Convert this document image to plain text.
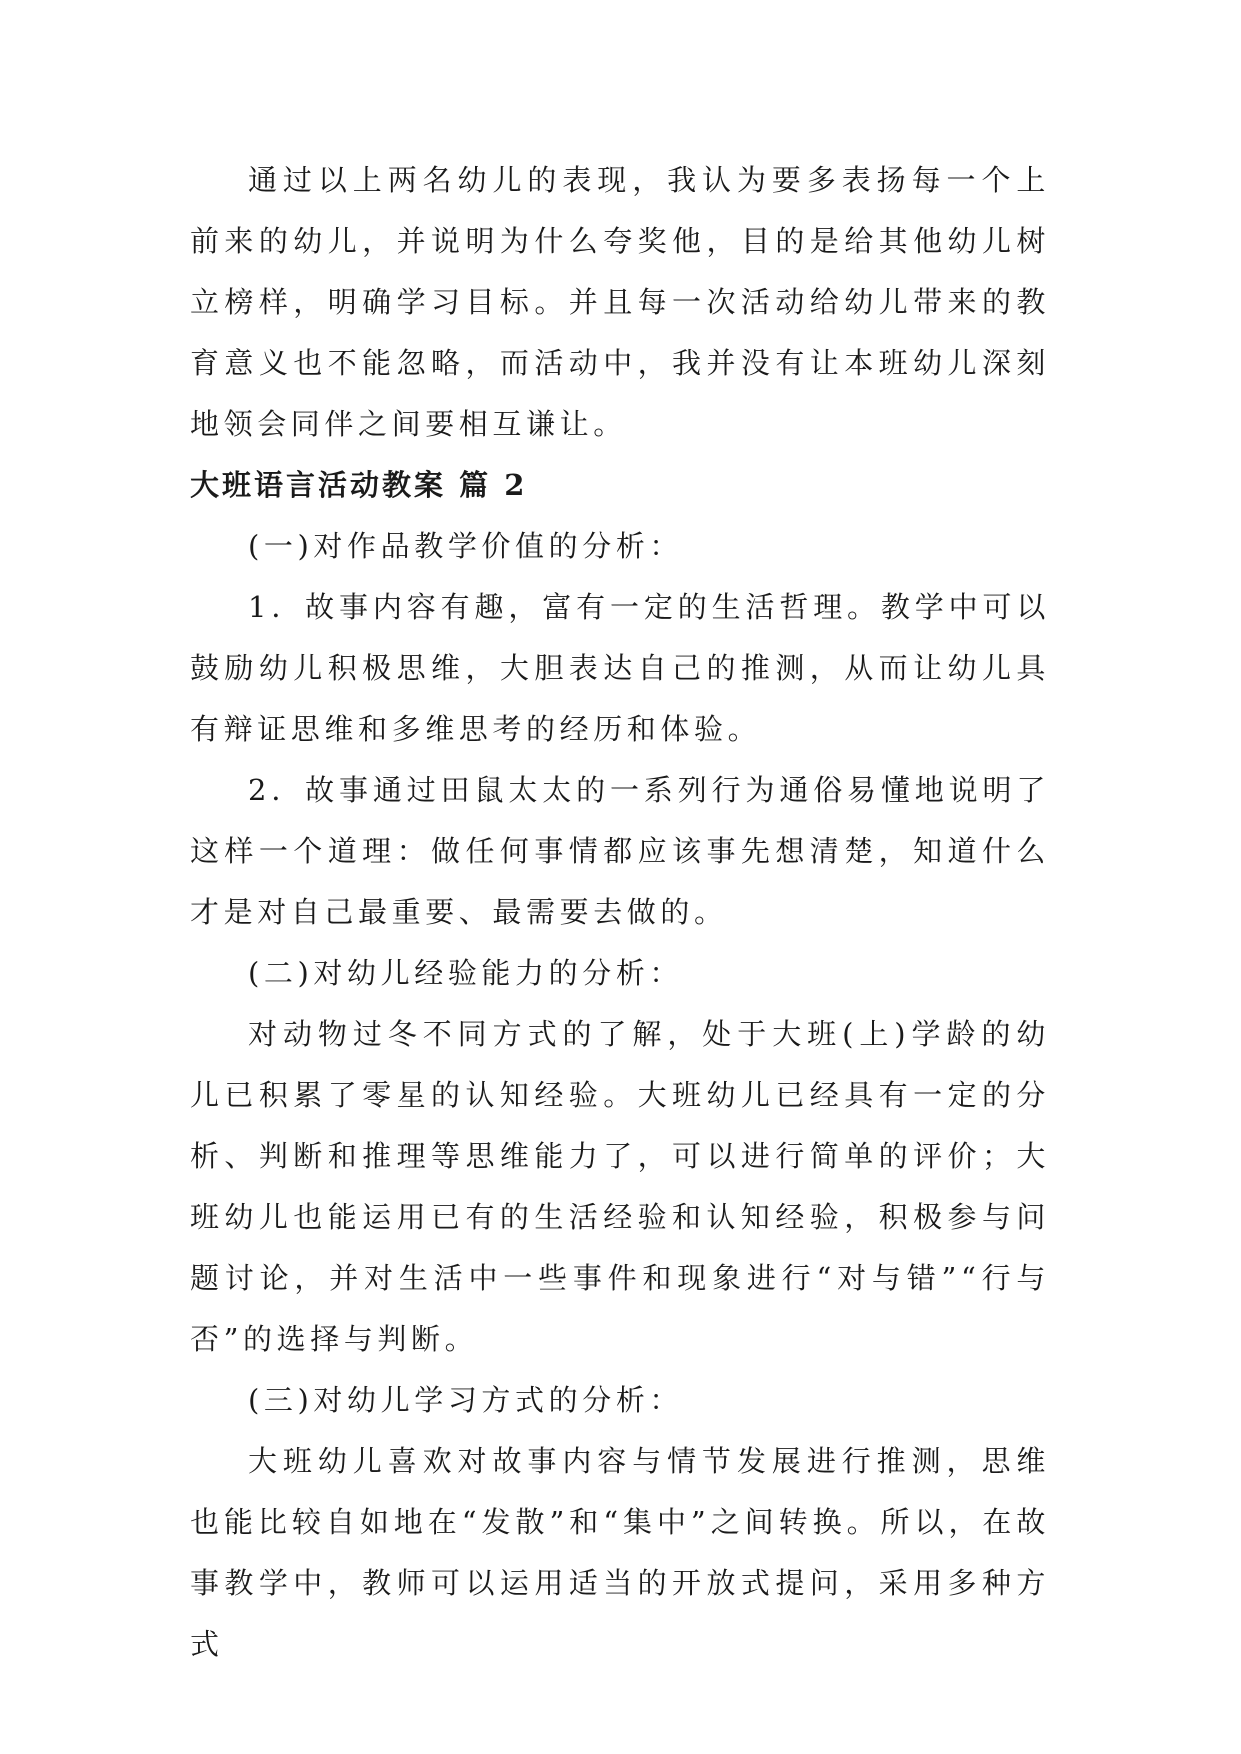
通过以上两名幼儿的表现，我认为要多表扬每一个上前来的幼儿，并说明为什么夸奖他，目的是给其他幼儿树立榜样，明确学习目标。并且每一次活动给幼儿带来的教育意义也不能忽略，而活动中，我并没有让本班幼儿深刻地领会同伴之间要相互谦让。

大班语言活动教案 篇 2

(一)对作品教学价值的分析：

1．故事内容有趣，富有一定的生活哲理。教学中可以鼓励幼儿积极思维，大胆表达自己的推测，从而让幼儿具有辩证思维和多维思考的经历和体验。

2．故事通过田鼠太太的一系列行为通俗易懂地说明了这样一个道理：做任何事情都应该事先想清楚，知道什么才是对自己最重要、最需要去做的。

(二)对幼儿经验能力的分析：

对动物过冬不同方式的了解，处于大班(上)学龄的幼儿已积累了零星的认知经验。大班幼儿已经具有一定的分析、判断和推理等思维能力了，可以进行简单的评价；大班幼儿也能运用已有的生活经验和认知经验，积极参与问题讨论，并对生活中一些事件和现象进行“对与错”“行与否”的选择与判断。

(三)对幼儿学习方式的分析：

大班幼儿喜欢对故事内容与情节发展进行推测，思维也能比较自如地在“发散”和“集中”之间转换。所以，在故事教学中，教师可以运用适当的开放式提问，采用多种方式
